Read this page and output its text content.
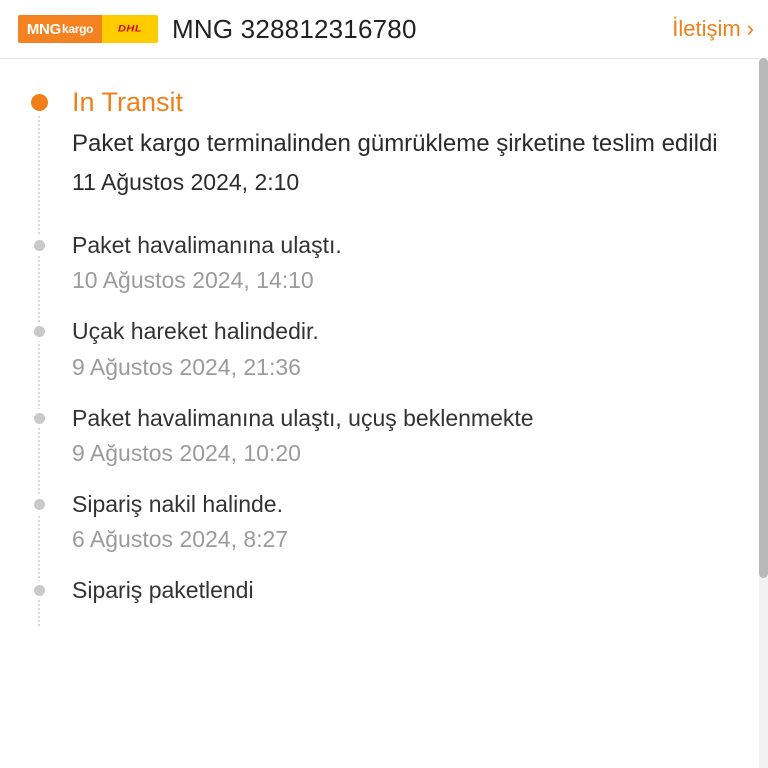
MNG kargo DHL MNG 328812316780	İletişim ›
In Transit
Paket kargo terminalinden gümrükleme şirketine teslim edildi
11 Ağustos 2024, 2:10
Paket havalimanına ulaştı.
10 Ağustos 2024, 14:10
Uçak hareket halindedir.
9 Ağustos 2024, 21:36
Paket havalimanına ulaştı, uçuş beklenmekte
9 Ağustos 2024, 10:20
Sipariş nakil halinde.
6 Ağustos 2024, 8:27
Sipariş paketlendi
